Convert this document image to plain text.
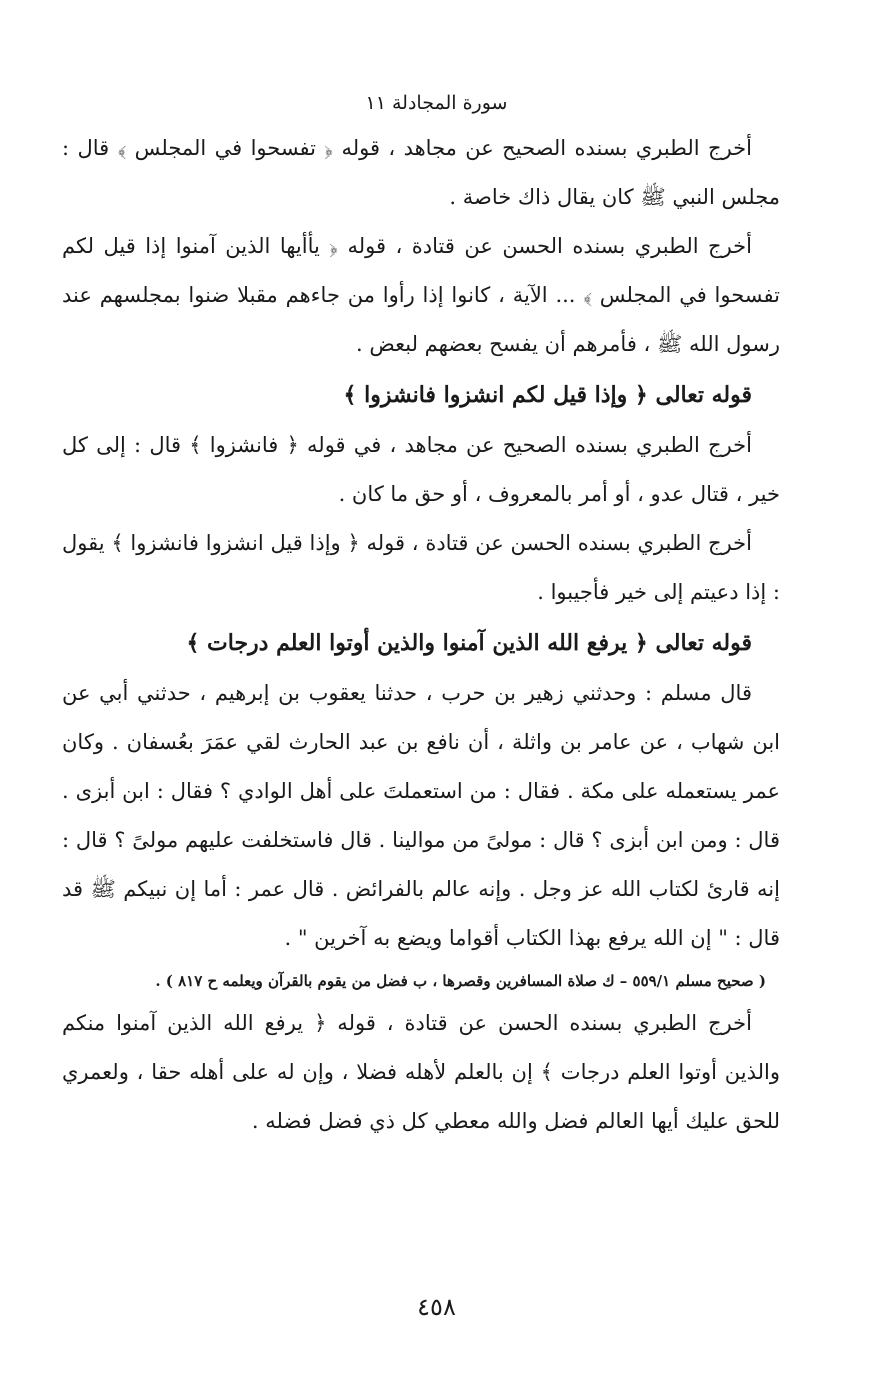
سورة المجادلة ١١

أخرج الطبري بسنده الصحيح عن مجاهد ، قوله ﴿ تفسحوا في المجلس ﴾ قال : مجلس النبي ﷺ كان يقال ذاك خاصة .

أخرج الطبري بسنده الحسن عن قتادة ، قوله ﴿ يأأيها الذين آمنوا إذا قيل لكم تفسحوا في المجلس ﴾ ... الآية ، كانوا إذا رأوا من جاءهم مقبلا ضنوا بمجلسهم عند رسول الله ﷺ ، فأمرهم أن يفسح بعضهم لبعض .

قوله تعالى ﴿ وإذا قيل لكم انشزوا فانشزوا ﴾

أخرج الطبري بسنده الصحيح عن مجاهد ، في قوله ﴿ فانشزوا ﴾ قال : إلى كل خير ، قتال عدو ، أو أمر بالمعروف ، أو حق ما كان .

أخرج الطبري بسنده الحسن عن قتادة ، قوله ﴿ وإذا قيل انشزوا فانشزوا ﴾ يقول : إذا دعيتم إلى خير فأجيبوا .

قوله تعالى ﴿ يرفع الله الذين آمنوا والذين أوتوا العلم درجات ﴾

قال مسلم : وحدثني زهير بن حرب ، حدثنا يعقوب بن إبرهيم ، حدثني أبي عن ابن شهاب ، عن عامر بن واثلة ، أن نافع بن عبد الحارث لقي عمَرَ بعُسفان . وكان عمر يستعمله على مكة . فقال : من استعملتَ على أهل الوادي ؟ فقال : ابن أبزى . قال : ومن ابن أبزى ؟ قال : مولىً من موالينا . قال فاستخلفت عليهم مولىً ؟ قال : إنه قارئ لكتاب الله عز وجل . وإنه عالم بالفرائض . قال عمر : أما إن نبيكم ﷺ قد قال : " إن الله يرفع بهذا الكتاب أقواما ويضع به آخرين " .

( صحيح مسلم ٥٥٩/١ – ك صلاة المسافرين وقصرها ، ب فضل من يقوم بالقرآن ويعلمه ح ٨١٧ ) .

أخرج الطبري بسنده الحسن عن قتادة ، قوله ﴿ يرفع الله الذين آمنوا منكم والذين أوتوا العلم درجات ﴾ إن بالعلم لأهله فضلا ، وإن له على أهله حقا ، ولعمري للحق عليك أيها العالم فضل والله معطي كل ذي فضل فضله .

٤٥٨
